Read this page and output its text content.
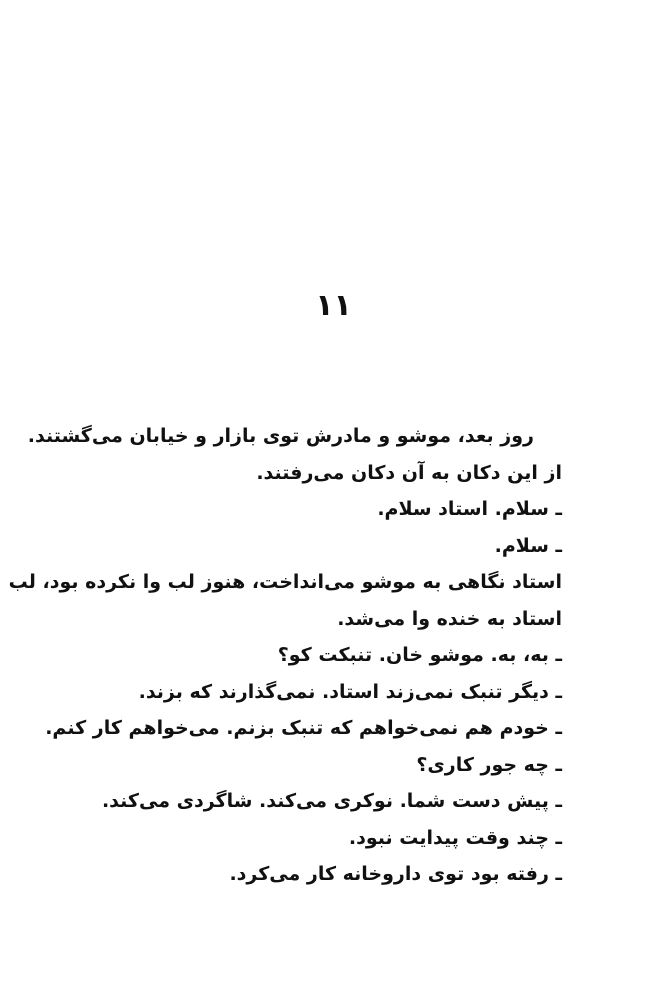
۱۱
روز بعد، موشو و مادرش توی بازار و خیابان می‌گشتند.
از این دکان به آن دکان می‌رفتند.
ـ سلام. استاد سلام.
ـ سلام.
استاد نگاهی به موشو می‌انداخت، هنوز لب وا نکرده بود، لب
استاد به خنده وا می‌شد.
ـ به، به. موشو خان. تنبکت کو؟
ـ دیگر تنبک نمی‌زند استاد. نمی‌گذارند که بزند.
ـ خودم هم نمی‌خواهم که تنبک بزنم. می‌خواهم کار کنم.
ـ چه جور کاری؟
ـ پیش دست شما. نوکری می‌کند. شاگردی می‌کند.
ـ چند وقت پیدایت نبود.
ـ رفته بود توی داروخانه کار می‌کرد.
